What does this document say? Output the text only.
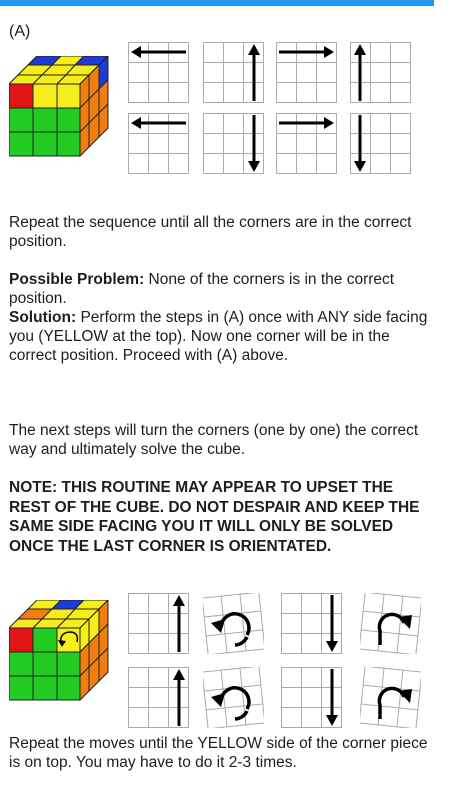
(A)
Repeat the sequence until all the corners are in the correct position.
Possible Problem: None of the corners is in the correct position.
Solution: Perform the steps in (A) once with ANY side facing you (YELLOW at the top). Now one corner will be in the correct position. Proceed with (A) above.
The next steps will turn the corners (one by one) the correct way and ultimately solve the cube.
NOTE: THIS ROUTINE MAY APPEAR TO UPSET THE REST OF THE CUBE. DO NOT DESPAIR AND KEEP THE SAME SIDE FACING YOU IT WILL ONLY BE SOLVED ONCE THE LAST CORNER IS ORIENTATED.
Repeat the moves until the YELLOW side of the corner piece is on top. You may have to do it 2-3 times.
